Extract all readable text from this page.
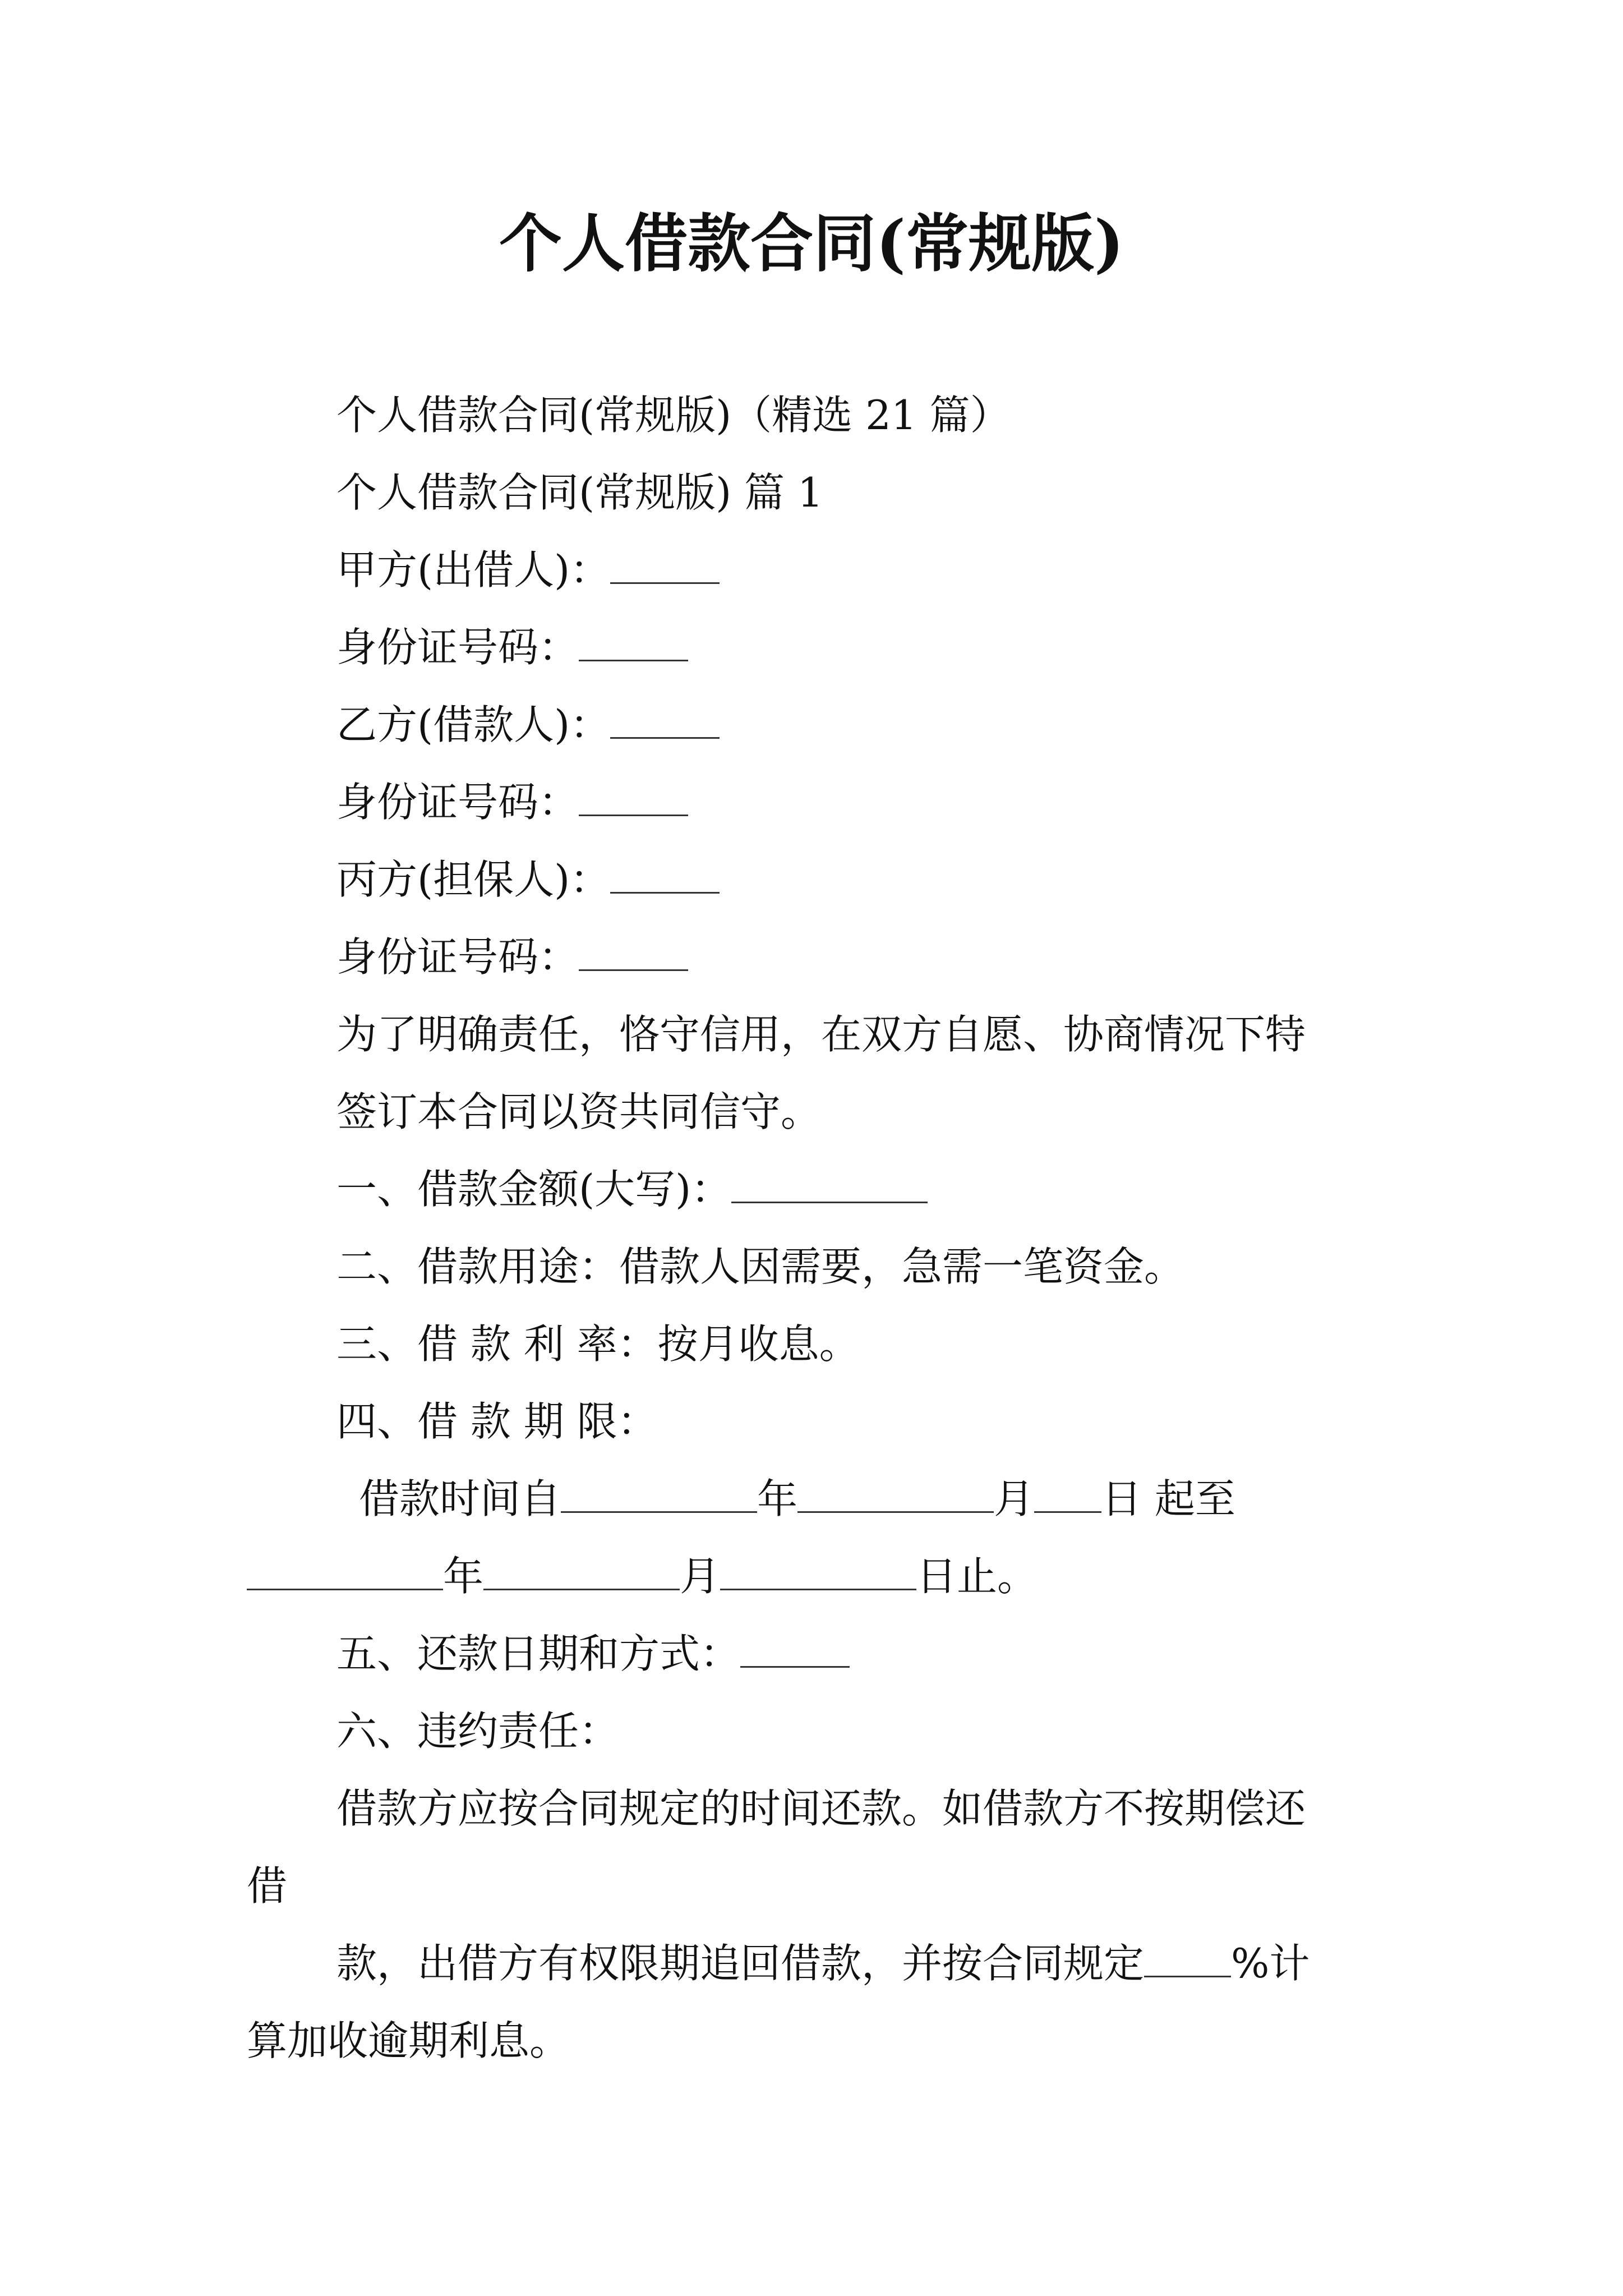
个人借款合同(常规版)
个人借款合同(常规版)（精选 21 篇）
个人借款合同(常规版) 篇 1
甲方(出借人)：
身份证号码：
乙方(借款人)：
身份证号码：
丙方(担保人)：
身份证号码：
为了明确责任，恪守信用，在双方自愿、协商情况下特
签订本合同以资共同信守。
一、借款金额(大写)：
二、借款用途：借款人因需要，急需一笔资金。
三、借 款 利 率：按月收息。
四、借 款 期 限：
借款时间自	年	月 日 起至
年	月	日止。
五、还款日期和方式：
六、违约责任：
借款方应按合同规定的时间还款。如借款方不按期偿还
借
款，出借方有权限期追回借款，并按合同规定 %计
算加收逾期利息。
